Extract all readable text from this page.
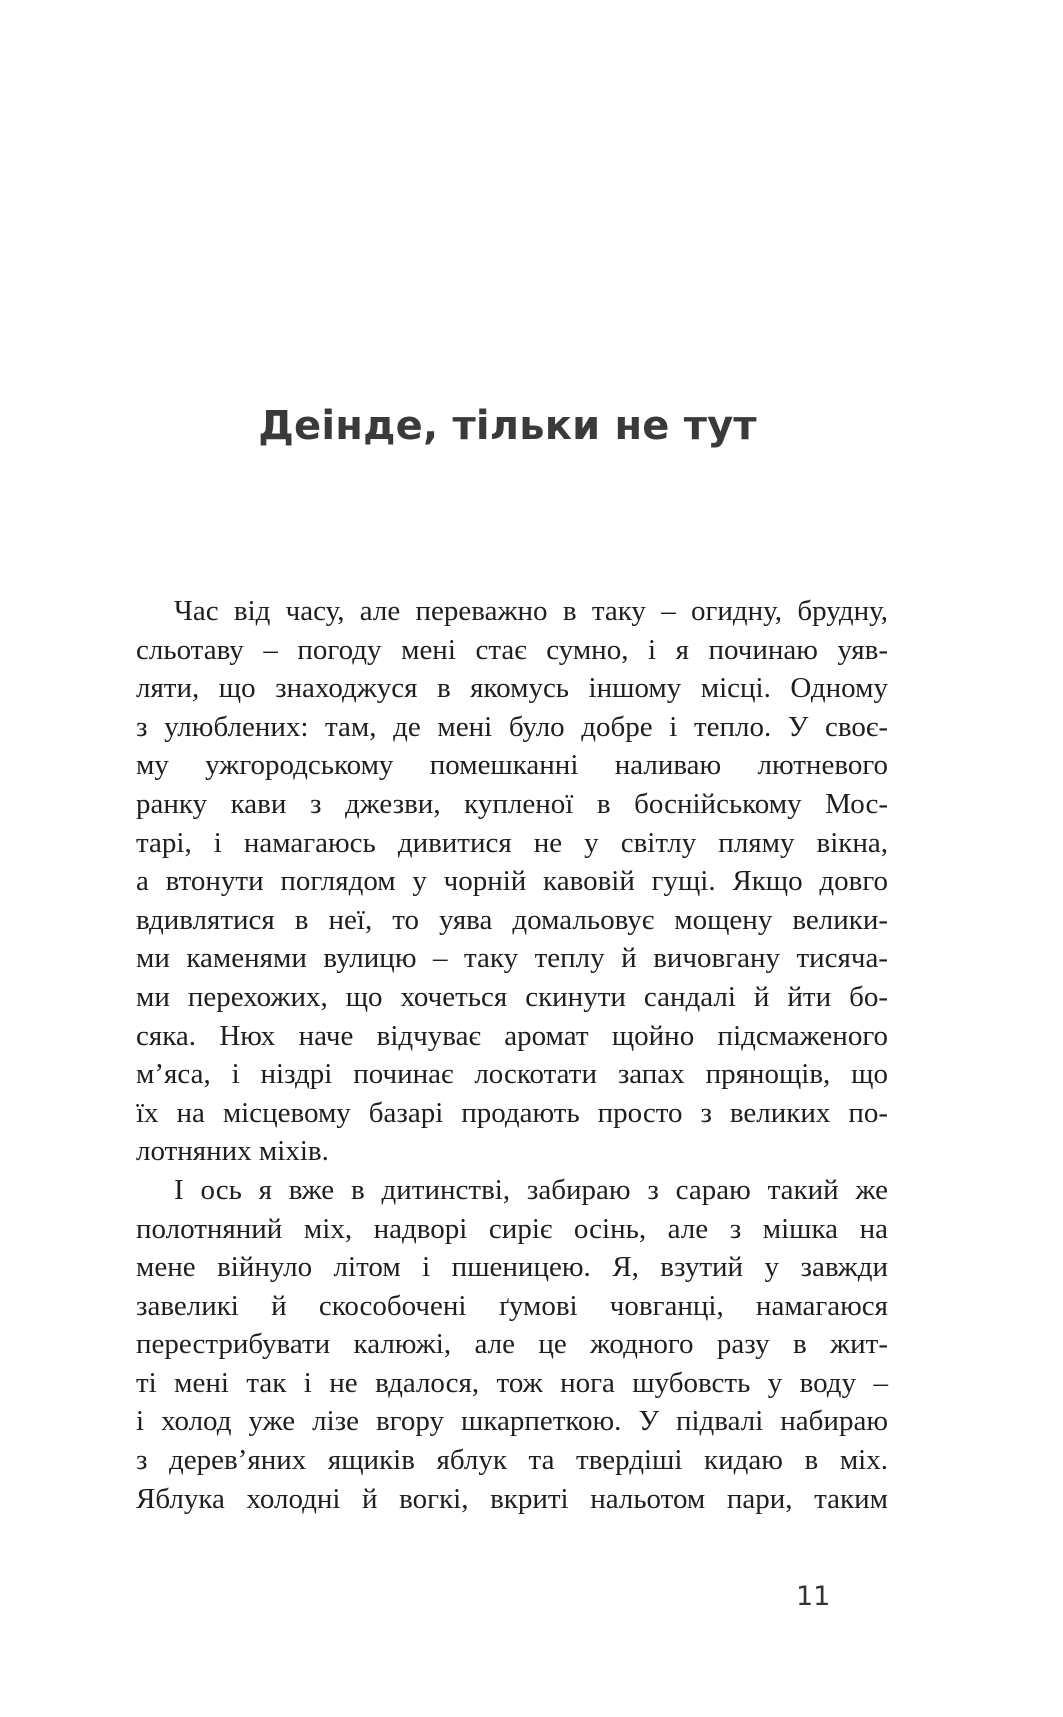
Деінде, тільки не тут
Час від часу, але переважно в таку – огидну, брудну,
сльотаву – погоду мені стає сумно, і я починаю уяв-
ляти, що знаходжуся в якомусь іншому місці. Одному
з улюблених: там, де мені було добре і тепло. У своє-
му ужгородському помешканні наливаю лютневого
ранку кави з джезви, купленої в боснійському Мос-
тарі, і намагаюсь дивитися не у світлу пляму вікна,
а втонути поглядом у чорній кавовій гущі. Якщо довго
вдивлятися в неї, то уява домальовує мощену велики-
ми каменями вулицю – таку теплу й вичовгану тисяча-
ми перехожих, що хочеться скинути сандалі й йти бо-
сяка. Нюх наче відчуває аромат щойно підсмаженого
м’яса, і ніздрі починає лоскотати запах прянощів, що
їх на місцевому базарі продають просто з великих по-
лотняних міхів.
І ось я вже в дитинстві, забираю з сараю такий же
полотняний міх, надворі сиріє осінь, але з мішка на
мене війнуло літом і пшеницею. Я, взутий у завжди
завеликі й скособочені ґумові човганці, намагаюся
перестрибувати калюжі, але це жодного разу в жит-
ті мені так і не вдалося, тож нога шубовсть у воду –
і холод уже лізе вгору шкарпеткою. У підвалі набираю
з дерев’яних ящиків яблук та твердіші кидаю в міх.
Яблука холодні й вогкі, вкриті нальотом пари, таким
11
